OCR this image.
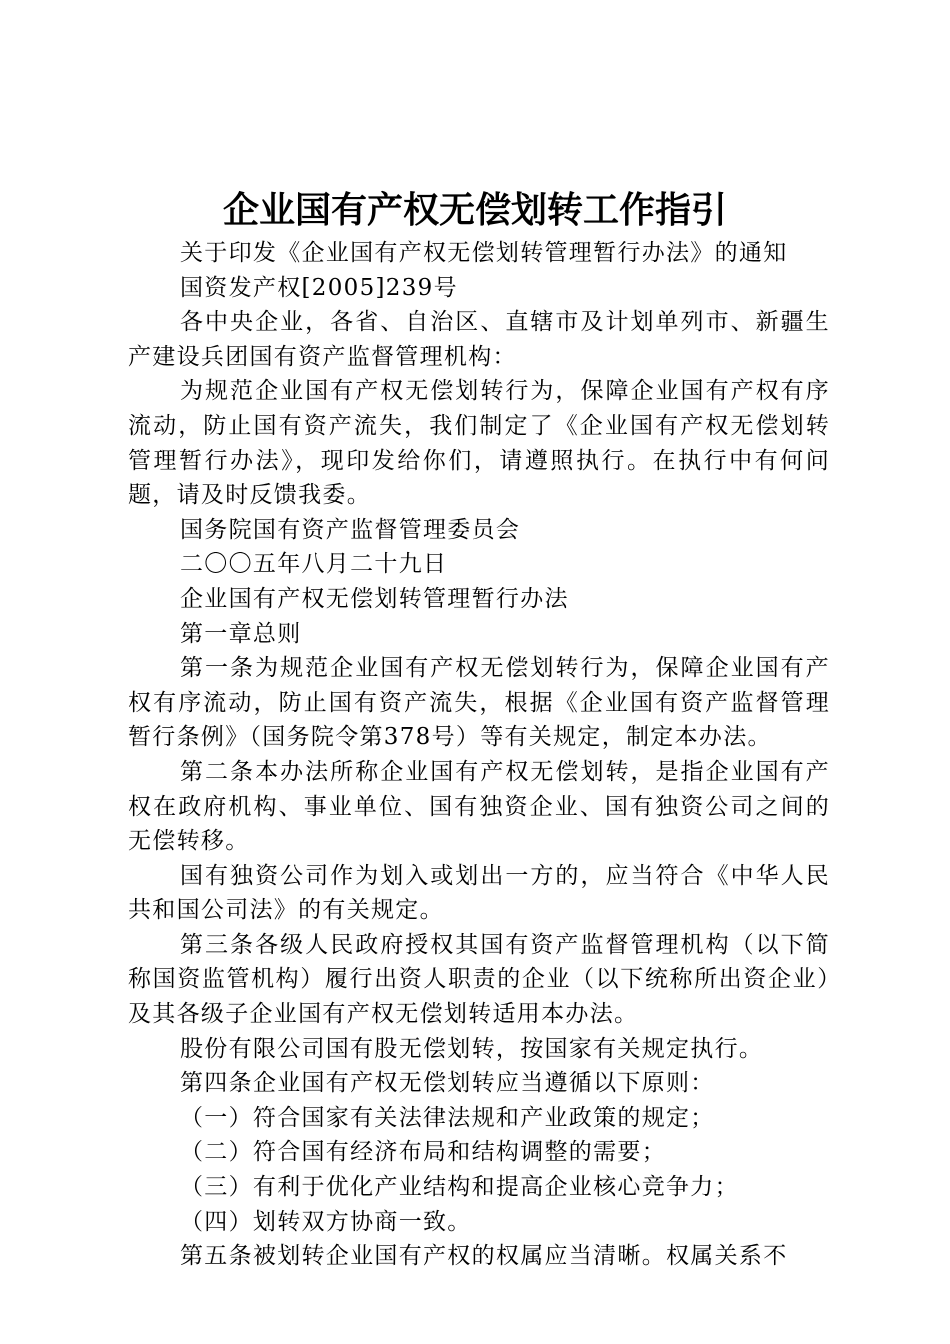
企业国有产权无偿划转工作指引

关于印发《企业国有产权无偿划转管理暂行办法》的通知

国资发产权[2005]239号

各中央企业，各省、自治区、直辖市及计划单列市、新疆生产建设兵团国有资产监督管理机构：

为规范企业国有产权无偿划转行为，保障企业国有产权有序流动，防止国有资产流失，我们制定了《企业国有产权无偿划转管理暂行办法》，现印发给你们，请遵照执行。在执行中有何问题，请及时反馈我委。

国务院国有资产监督管理委员会

二〇〇五年八月二十九日

企业国有产权无偿划转管理暂行办法

第一章总则

第一条为规范企业国有产权无偿划转行为，保障企业国有产权有序流动，防止国有资产流失，根据《企业国有资产监督管理暂行条例》（国务院令第378号）等有关规定，制定本办法。

第二条本办法所称企业国有产权无偿划转，是指企业国有产权在政府机构、事业单位、国有独资企业、国有独资公司之间的无偿转移。

国有独资公司作为划入或划出一方的，应当符合《中华人民共和国公司法》的有关规定。

第三条各级人民政府授权其国有资产监督管理机构（以下简称国资监管机构）履行出资人职责的企业（以下统称所出资企业）及其各级子企业国有产权无偿划转适用本办法。

股份有限公司国有股无偿划转，按国家有关规定执行。

第四条企业国有产权无偿划转应当遵循以下原则：

（一）符合国家有关法律法规和产业政策的规定；

（二）符合国有经济布局和结构调整的需要；

（三）有利于优化产业结构和提高企业核心竞争力；

（四）划转双方协商一致。

第五条被划转企业国有产权的权属应当清晰。权属关系不
